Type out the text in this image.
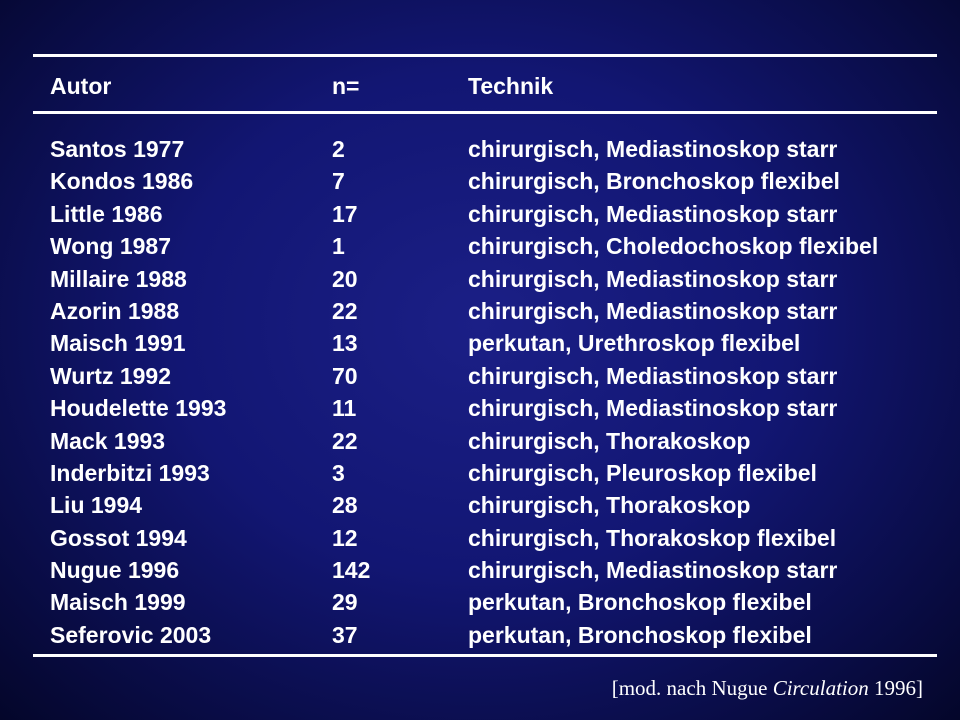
Autor	n=	Technik
Santos 1977	2	chirurgisch, Mediastinoskop starr
Kondos 1986	7	chirurgisch, Bronchoskop flexibel
Little 1986	17	chirurgisch, Mediastinoskop starr
Wong 1987	1	chirurgisch, Choledochoskop flexibel
Millaire 1988	20	chirurgisch, Mediastinoskop starr
Azorin 1988	22	chirurgisch, Mediastinoskop starr
Maisch 1991	13	perkutan, Urethroskop flexibel
Wurtz 1992	70	chirurgisch, Mediastinoskop starr
Houdelette 1993	11	chirurgisch, Mediastinoskop starr
Mack 1993	22	chirurgisch, Thorakoskop
Inderbitzi 1993	3	chirurgisch, Pleuroskop flexibel
Liu 1994	28	chirurgisch, Thorakoskop
Gossot 1994	12	chirurgisch, Thorakoskop flexibel
Nugue 1996	142	chirurgisch, Mediastinoskop starr
Maisch 1999	29	perkutan, Bronchoskop flexibel
Seferovic 2003	37	perkutan, Bronchoskop flexibel
[mod. nach Nugue Circulation 1996]
